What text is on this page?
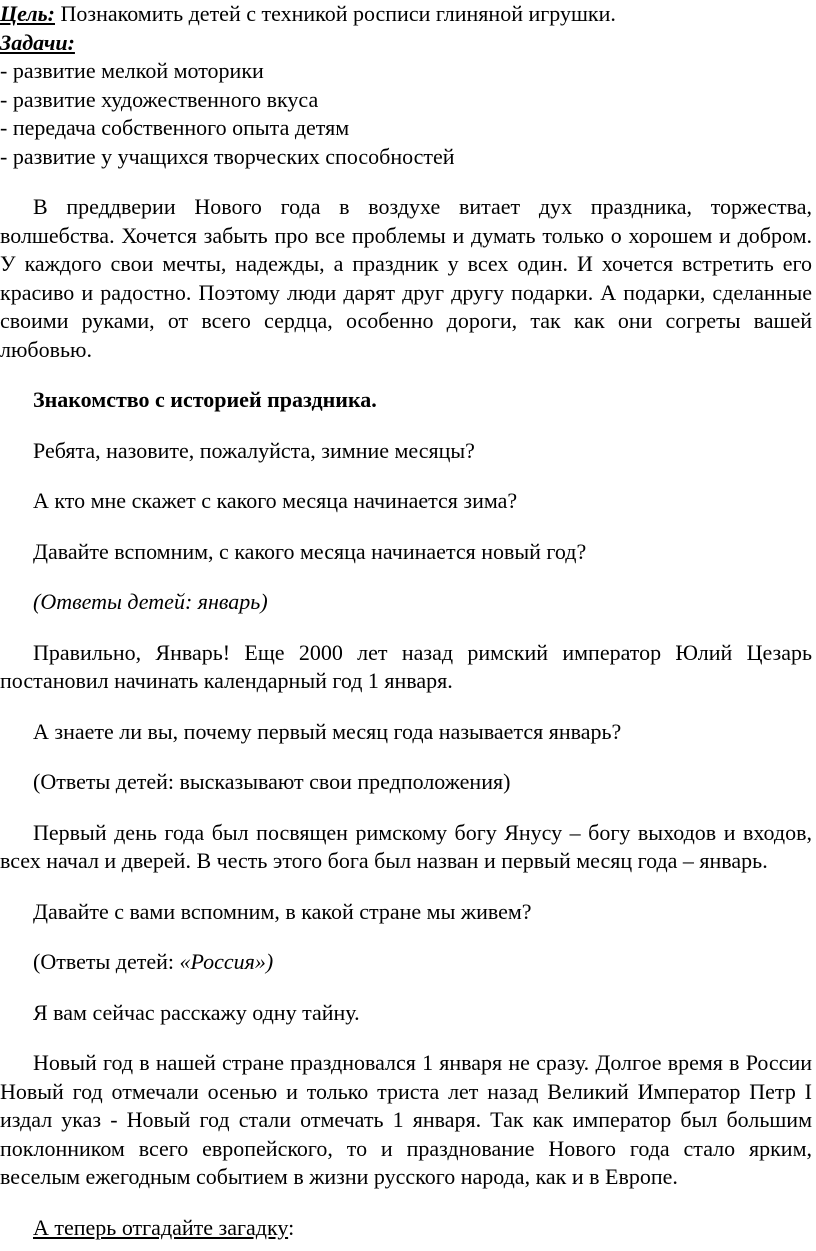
Цель: Познакомить детей с техникой росписи глиняной игрушки.

Задачи:

- развитие мелкой моторики

- развитие художественного вкуса

- передача собственного опыта детям

- развитие у учащихся творческих способностей

В преддверии Нового года в воздухе витает дух праздника, торжества, волшебства. Хочется забыть про все проблемы и думать только о хорошем и добром. У каждого свои мечты, надежды, а праздник у всех один. И хочется встретить его красиво и радостно. Поэтому люди дарят друг другу подарки. А подарки, сделанные своими руками, от всего сердца, особенно дороги, так как они согреты вашей любовью.

Знакомство с историей праздника.

Ребята, назовите, пожалуйста, зимние месяцы?

А кто мне скажет с какого месяца начинается зима?

Давайте вспомним, с какого месяца начинается новый год?

(Ответы детей: январь)

Правильно, Январь! Еще 2000 лет назад римский император Юлий Цезарь постановил начинать календарный год 1 января.

А знаете ли вы, почему первый месяц года называется январь?

(Ответы детей: высказывают свои предположения)

Первый день года был посвящен римскому богу Янусу – богу выходов и входов, всех начал и дверей. В честь этого бога был назван и первый месяц года – январь.

Давайте с вами вспомним, в какой стране мы живем?

(Ответы детей: «Россия»)

Я вам сейчас расскажу одну тайну.

Новый год в нашей стране праздновался 1 января не сразу. Долгое время в России Новый год отмечали осенью и только триста лет назад Великий Император Петр I издал указ - Новый год стали отмечать 1 января. Так как император был большим поклонником всего европейского, то и празднование Нового года стало ярким, веселым ежегодным событием в жизни русского народа, как и в Европе.

А теперь отгадайте загадку:
